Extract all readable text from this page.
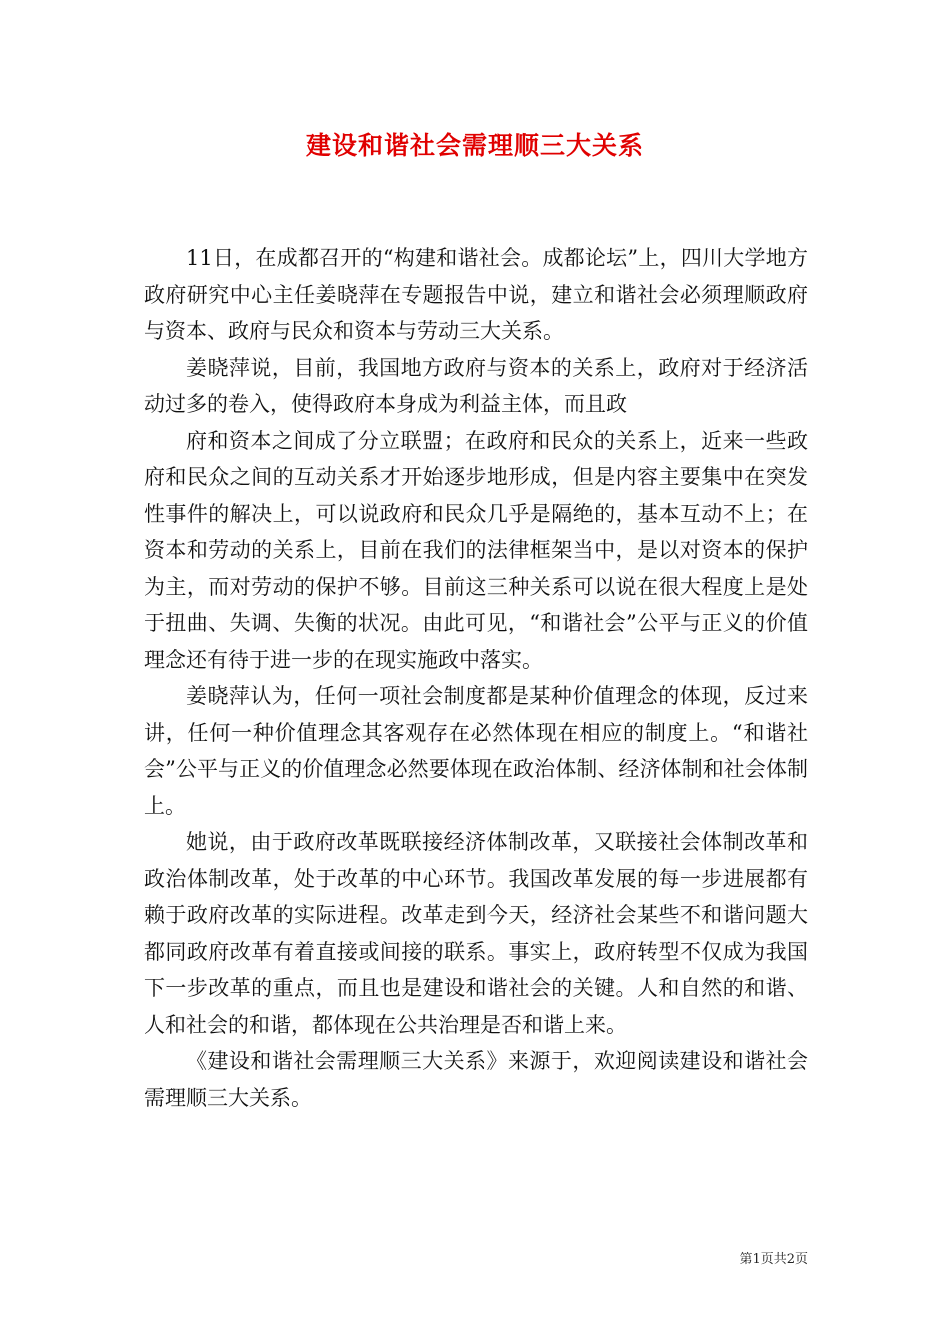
建设和谐社会需理顺三大关系

11日，在成都召开的“构建和谐社会。成都论坛”上，四川大学地方政府研究中心主任姜晓萍在专题报告中说，建立和谐社会必须理顺政府与资本、政府与民众和资本与劳动三大关系。

姜晓萍说，目前，我国地方政府与资本的关系上，政府对于经济活动过多的卷入，使得政府本身成为利益主体，而且政

府和资本之间成了分立联盟；在政府和民众的关系上，近来一些政府和民众之间的互动关系才开始逐步地形成，但是内容主要集中在突发性事件的解决上，可以说政府和民众几乎是隔绝的，基本互动不上；在资本和劳动的关系上，目前在我们的法律框架当中，是以对资本的保护为主，而对劳动的保护不够。目前这三种关系可以说在很大程度上是处于扭曲、失调、失衡的状况。由此可见，“和谐社会”公平与正义的价值理念还有待于进一步的在现实施政中落实。

姜晓萍认为，任何一项社会制度都是某种价值理念的体现，反过来讲，任何一种价值理念其客观存在必然体现在相应的制度上。“和谐社会”公平与正义的价值理念必然要体现在政治体制、经济体制和社会体制上。

她说，由于政府改革既联接经济体制改革，又联接社会体制改革和政治体制改革，处于改革的中心环节。我国改革发展的每一步进展都有赖于政府改革的实际进程。改革走到今天，经济社会某些不和谐问题大都同政府改革有着直接或间接的联系。事实上，政府转型不仅成为我国下一步改革的重点，而且也是建设和谐社会的关键。人和自然的和谐、人和社会的和谐，都体现在公共治理是否和谐上来。

《建设和谐社会需理顺三大关系》来源于，欢迎阅读建设和谐社会需理顺三大关系。

第1页共2页
